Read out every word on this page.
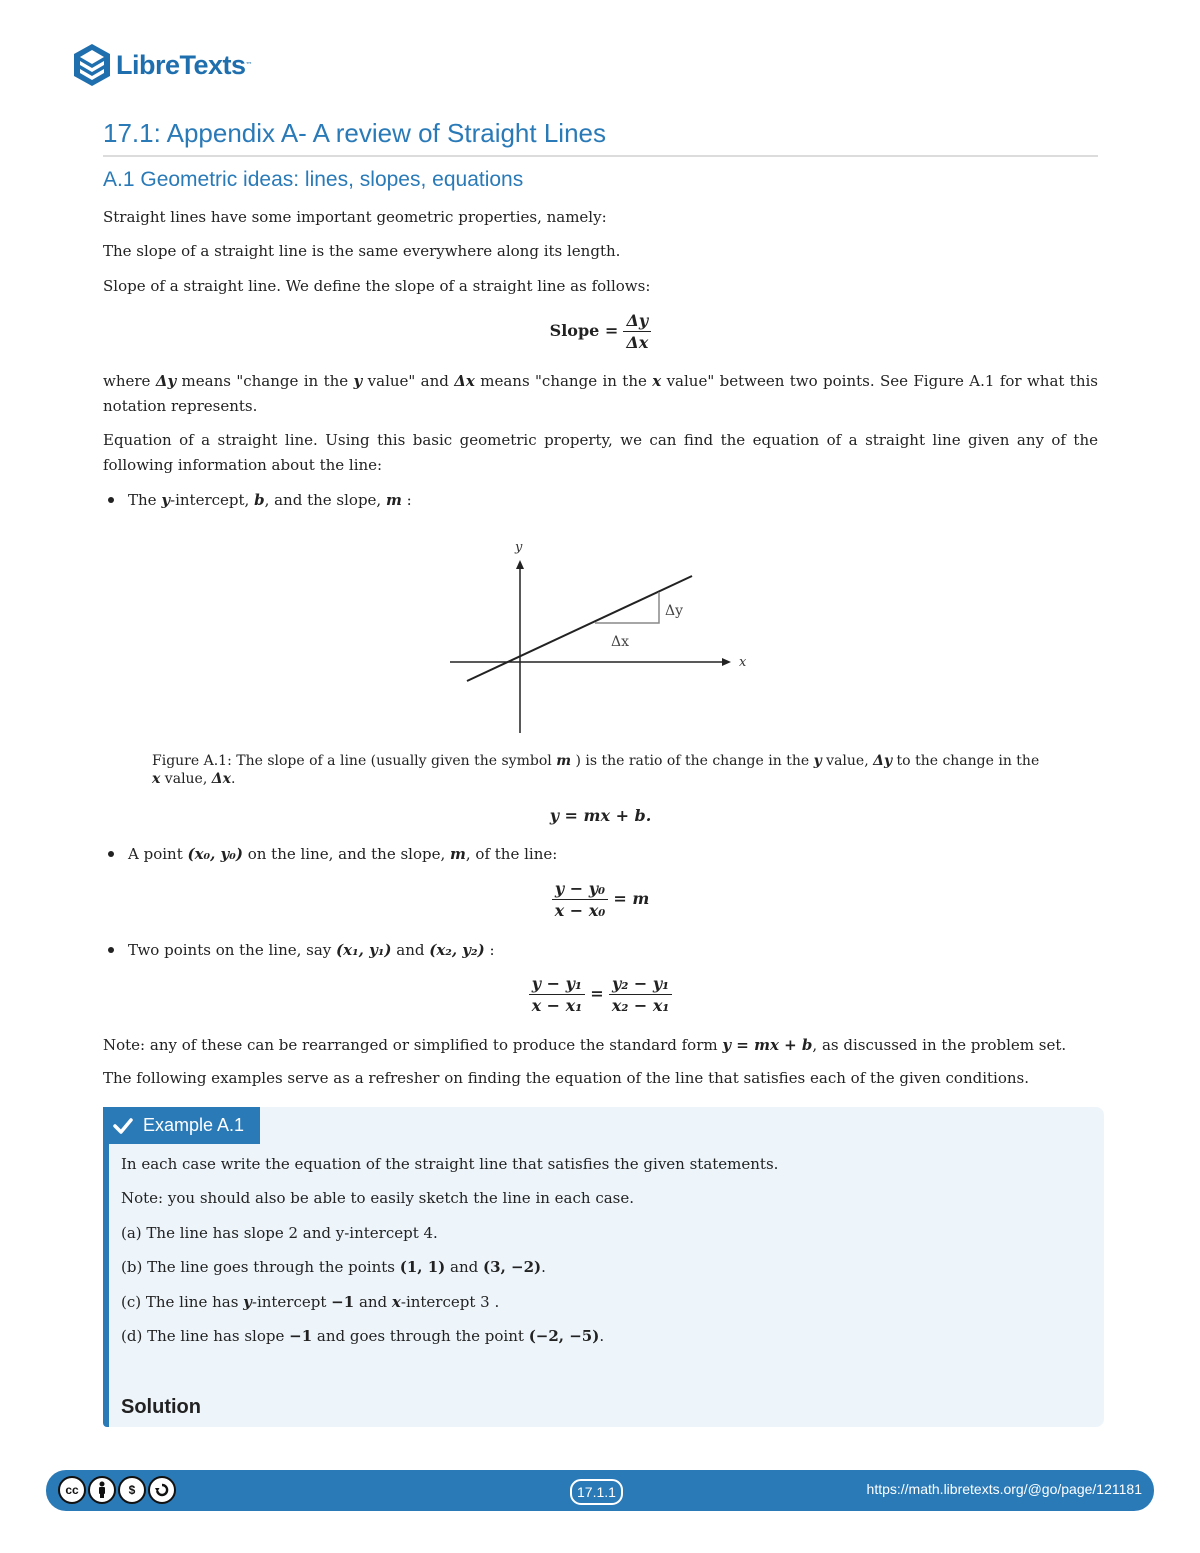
LibreTexts ™
17.1: Appendix A- A review of Straight Lines
A.1 Geometric ideas: lines, slopes, equations
Straight lines have some important geometric properties, namely:
The slope of a straight line is the same everywhere along its length.
Slope of a straight line. We define the slope of a straight line as follows:
Slope = $\frac{\Delta y}{\Delta x}$
where Δy means "change in the y value" and Δx means "change in the x value" between two points. See Figure A.1 for what this notation represents.
Equation of a straight line. Using this basic geometric property, we can find the equation of a straight line given any of the following information about the line:
The y-intercept, b, and the slope, m :
y
x
Δy
Δx
Figure A.1: The slope of a line (usually given the symbol m ) is the ratio of the change in the y value, Δy to the change in the x value, Δx.
y = mx + b.
A point (x₀, y₀) on the line, and the slope, m, of the line:
$\frac{\text{y − y₀}}{\text{x − x₀}} = m$
Two points on the line, say (x₁, y₁) and (x₂, y₂) :
$\frac{\text{y − y₁}}{\text{x − x₁}} = \frac{\text{y₂ − y₁}}{\text{x₂ − x₁}}$
Note: any of these can be rearranged or simplified to produce the standard form y = mx + b, as discussed in the problem set.
The following examples serve as a refresher on finding the equation of the line that satisfies each of the given conditions.
Example A.1
In each case write the equation of the straight line that satisfies the given statements.
Note: you should also be able to easily sketch the line in each case.
(a) The line has slope 2 and y-intercept 4.
(b) The line goes through the points (1, 1) and (3, −2).
(c) The line has y-intercept −1 and x-intercept 3 .
(d) The line has slope −1 and goes through the point (−2, −5).
Solution
cc	$	17.1.1	https://math.libretexts.org/@go/page/121181
